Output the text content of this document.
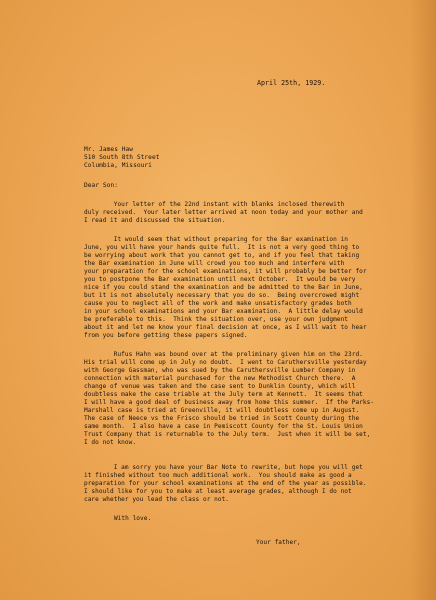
April 25th, 1929.
Mr. James Haw
510 South 8th Street
Columbia, Missouri
Dear Son:
Your letter of the 22nd instant with blanks inclosed therewith
duly received.  Your later letter arrived at noon today and your mother and
I read it and discussed the situation.
It would seem that without preparing for the Bar examination in
June, you will have your hands quite full.  It is not a very good thing to
be worrying about work that you cannot get to, and if you feel that taking
the Bar examination in June will crowd you too much and interfere with
your preparation for the school examinations, it will probably be better for
you to postpone the Bar examination until next October.  It would be very
nice if you could stand the examination and be admitted to the Bar in June,
but it is not absolutely necessary that you do so.  Being overcrowed might
cause you to neglect all of the work and make unsatisfactory grades both
in your school examinations and your Bar examination.  A little delay would
be preferable to this.  Think the situation over, use your own judgment
about it and let me know your final decision at once, as I will wait to hear
from you before getting these papers signed.
Rufus Hahn was bound over at the preliminary given him on the 23rd.
His trial will come up in July no doubt.  I went to Caruthersville yesterday
with George Gassman, who was sued by the Caruthersville Lumber Company in
connection with material purchased for the new Methodist Church there.  A
change of venue was taken and the case sent to Dunklin County, which will
doubtless make the case triable at the July term at Kennett.  It seems that
I will have a good deal of business away from home this summer.  If the Parks-
Marshall case is tried at Greenville, it will doubtless come up in August.
The case of Neece vs the Frisco should be tried in Scott County during the
same month.  I also have a case in Pemiscott County for the St. Louis Union
Trust Company that is returnable to the July term.  Just when it will be set,
I do not know.
I am sorry you have your Bar Note to rewrite, but hope you will get
it finished without too much additional work.  You should make as good a
preparation for your school examinations at the end of the year as possible.
I should like for you to make at least average grades, although I do not
care whether you lead the class or not.
With love.
Your father,
